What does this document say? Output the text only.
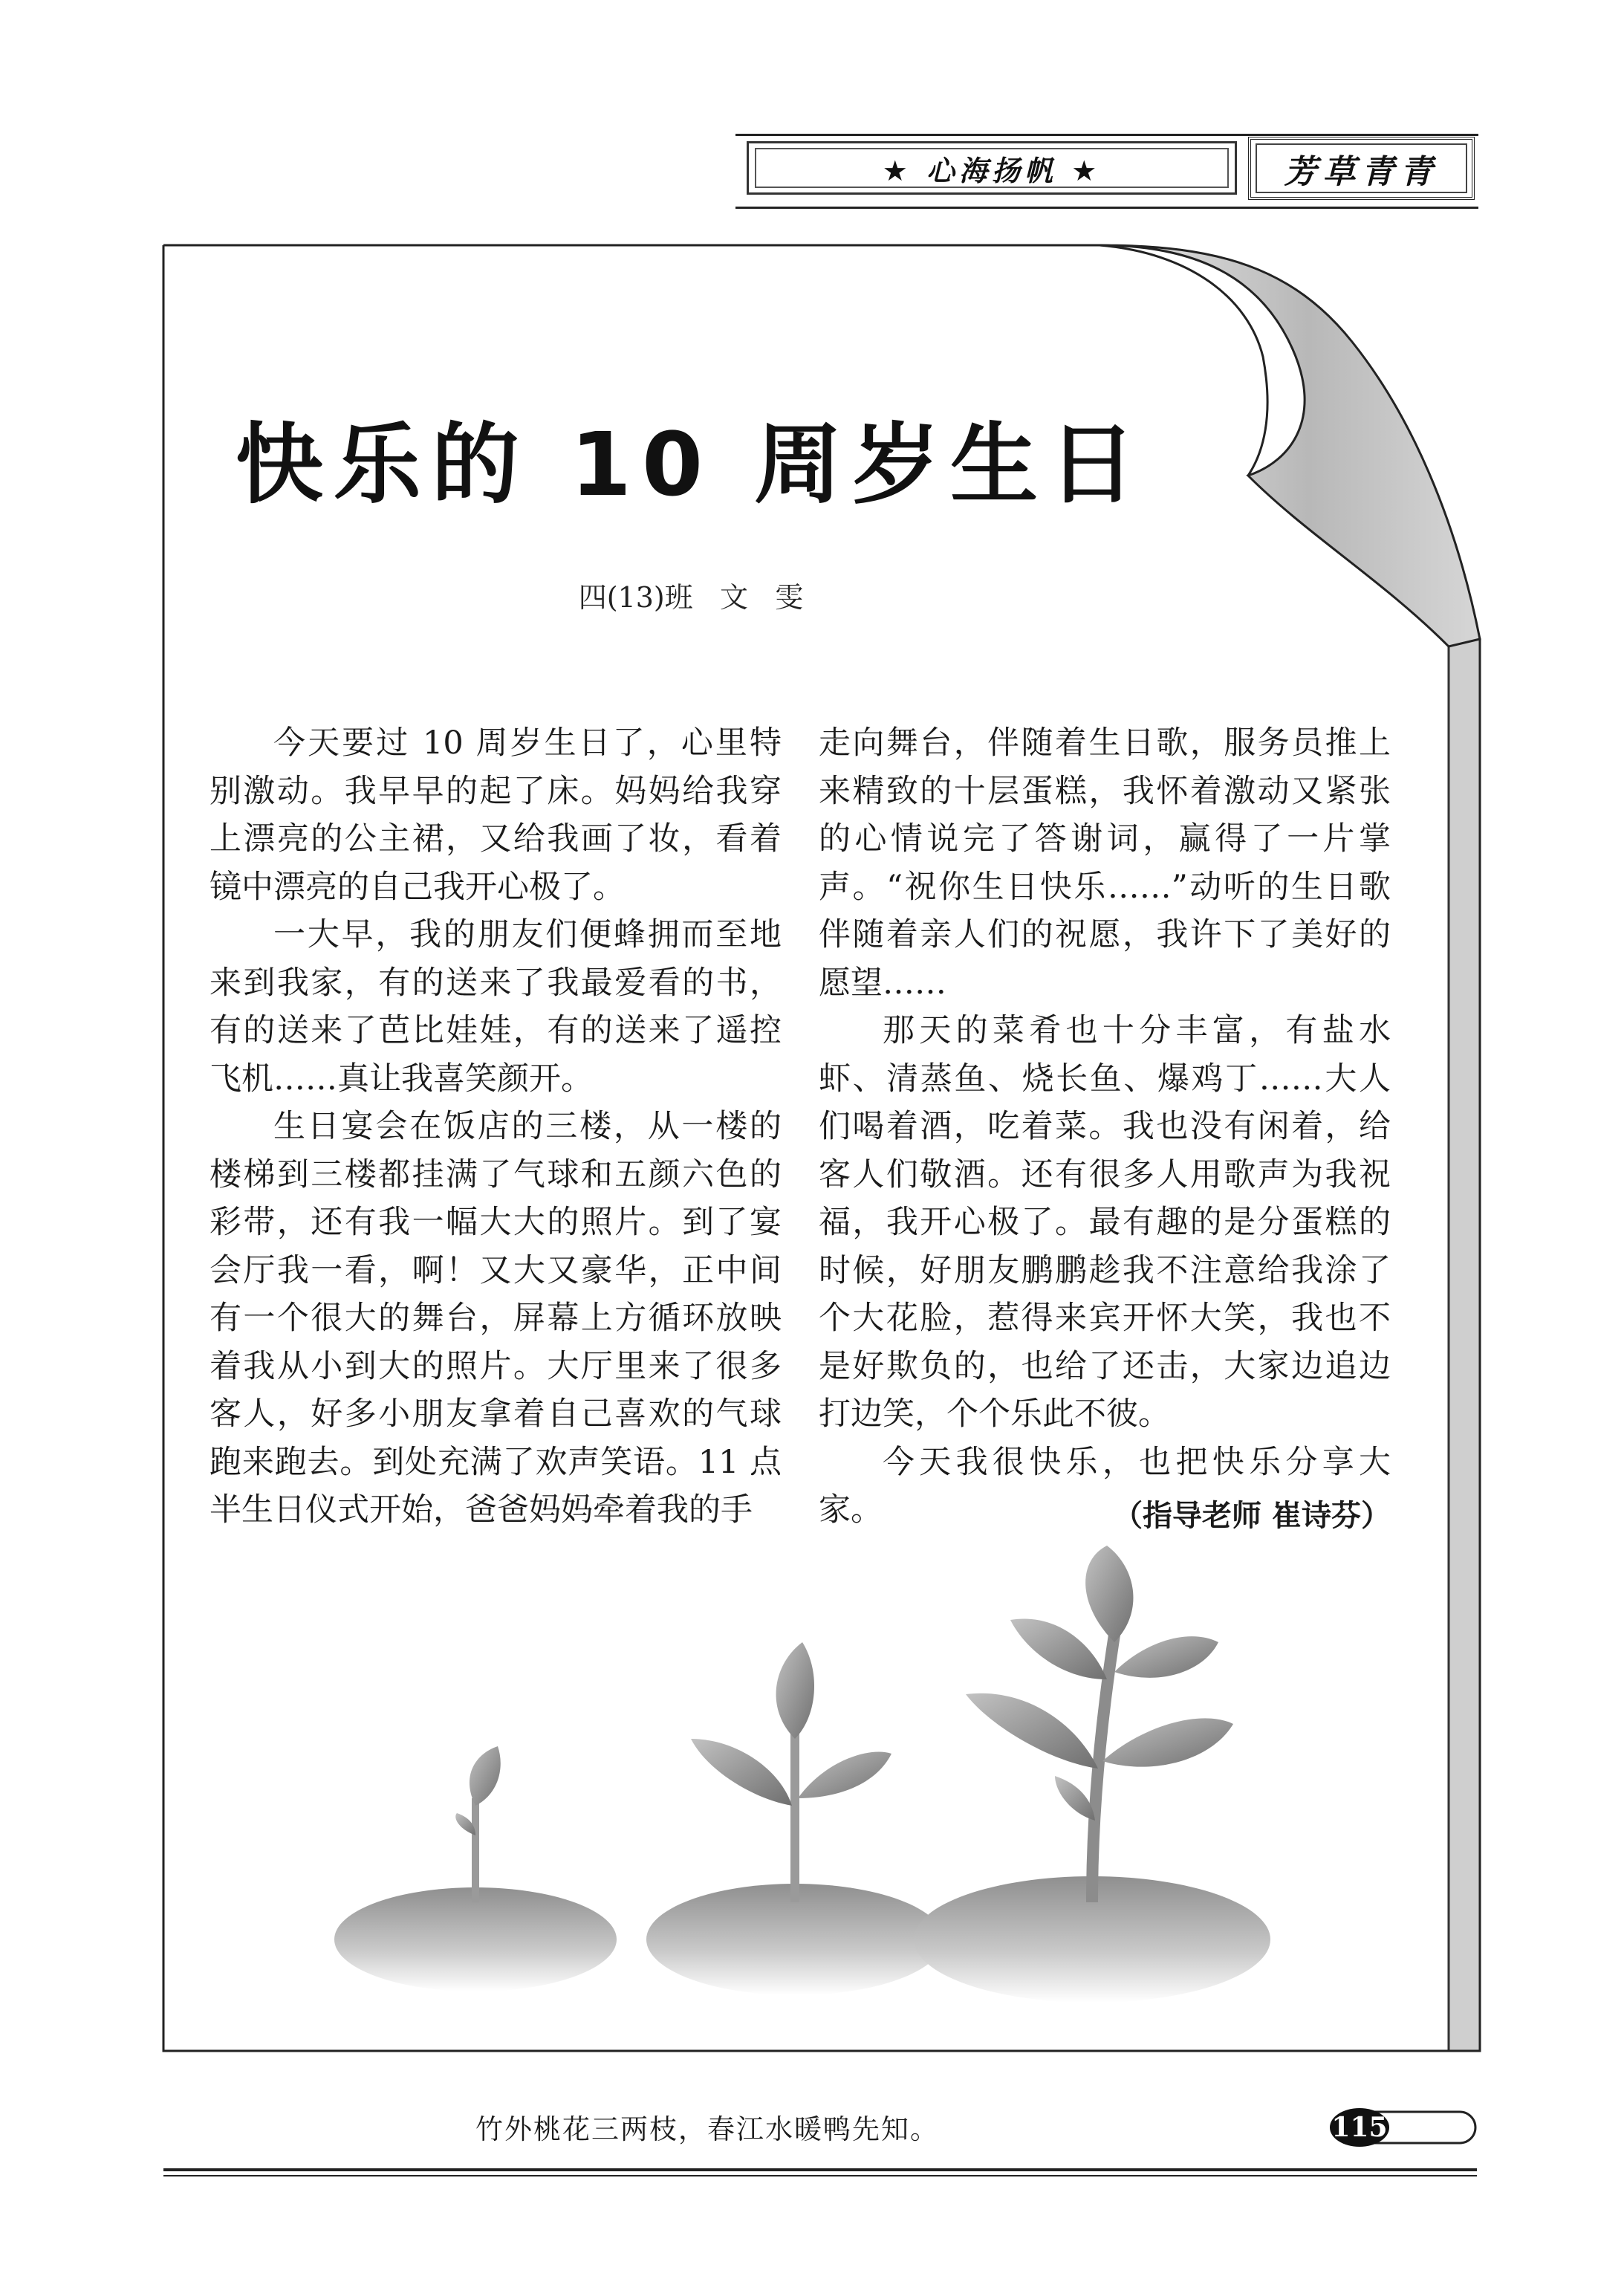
★ 心海扬帆 ★	芳草青青
快乐的 10 周岁生日
四(13)班   文   雯

今天要过 10 周岁生日了，心里特别激动。我早早的起了床。妈妈给我穿上漂亮的公主裙，又给我画了妆，看着镜中漂亮的自己我开心极了。

一大早，我的朋友们便蜂拥而至地来到我家，有的送来了我最爱看的书，有的送来了芭比娃娃，有的送来了遥控飞机……真让我喜笑颜开。

生日宴会在饭店的三楼，从一楼的楼梯到三楼都挂满了气球和五颜六色的彩带，还有我一幅大大的照片。到了宴会厅我一看，啊！又大又豪华，正中间有一个很大的舞台，屏幕上方循环放映着我从小到大的照片。大厅里来了很多客人，好多小朋友拿着自己喜欢的气球跑来跑去。到处充满了欢声笑语。11 点半生日仪式开始，爸爸妈妈牵着我的手

走向舞台，伴随着生日歌，服务员推上来精致的十层蛋糕，我怀着激动又紧张的心情说完了答谢词，赢得了一片掌声。“祝你生日快乐……”动听的生日歌伴随着亲人们的祝愿，我许下了美好的愿望……

那天的菜肴也十分丰富，有盐水虾、清蒸鱼、烧长鱼、爆鸡丁……大人们喝着酒，吃着菜。我也没有闲着，给客人们敬酒。还有很多人用歌声为我祝福，我开心极了。最有趣的是分蛋糕的时候，好朋友鹏鹏趁我不注意给我涂了个大花脸，惹得来宾开怀大笑，我也不是好欺负的，也给了还击，大家边追边打边笑，个个乐此不彼。

今天我很快乐，也把快乐分享大家。	（指导老师 崔诗芬）
竹外桃花三两枝，春江水暖鸭先知。	115
